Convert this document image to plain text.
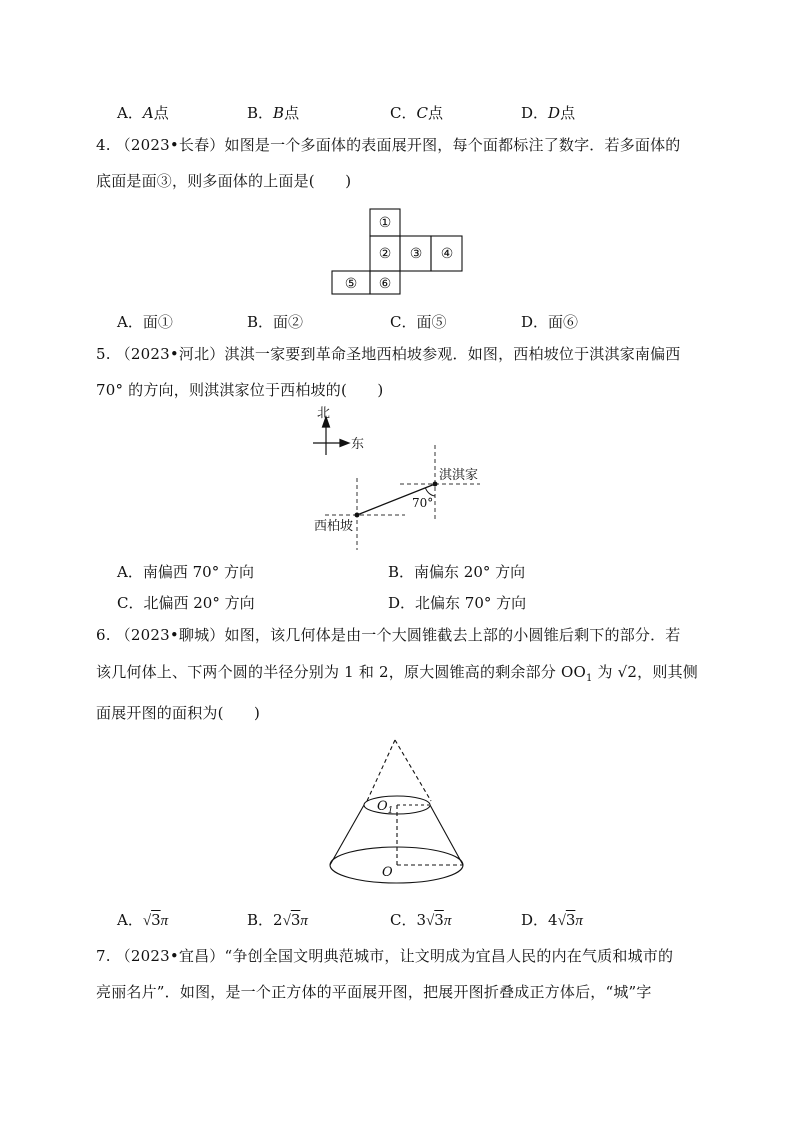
A．A点	B．B点	C．C点	D．D点
4. （2023•长春）如图是一个多面体的表面展开图，每个面都标注了数字．若多面体的
底面是面③，则多面体的上面是(　　)
①
② ③ ④
⑤ ⑥
A．面①	B．面②	C．面⑤	D．面⑥
5. （2023•河北）淇淇一家要到革命圣地西柏坡参观．如图，西柏坡位于淇淇家南偏西
70° 的方向，则淇淇家位于西柏坡的(　　)
北
东
淇淇家
西柏坡
70°
A．南偏西 70° 方向	B．南偏东 20° 方向
C．北偏西 20° 方向	D．北偏东 70° 方向
6. （2023•聊城）如图，该几何体是由一个大圆锥截去上部的小圆锥后剩下的部分．若
该几何体上、下两个圆的半径分别为 1 和 2，原大圆锥高的剩余部分 $OO_1$ 为 √2，则其侧
面展开图的面积为(　　)
$O_1$
O
A．√3π	B．2√3π	C．3√3π	D．4√3π
7. （2023•宜昌）“争创全国文明典范城市，让文明成为宜昌人民的内在气质和城市的
亮丽名片”．如图，是一个正方体的平面展开图，把展开图折叠成正方体后，“城”字
